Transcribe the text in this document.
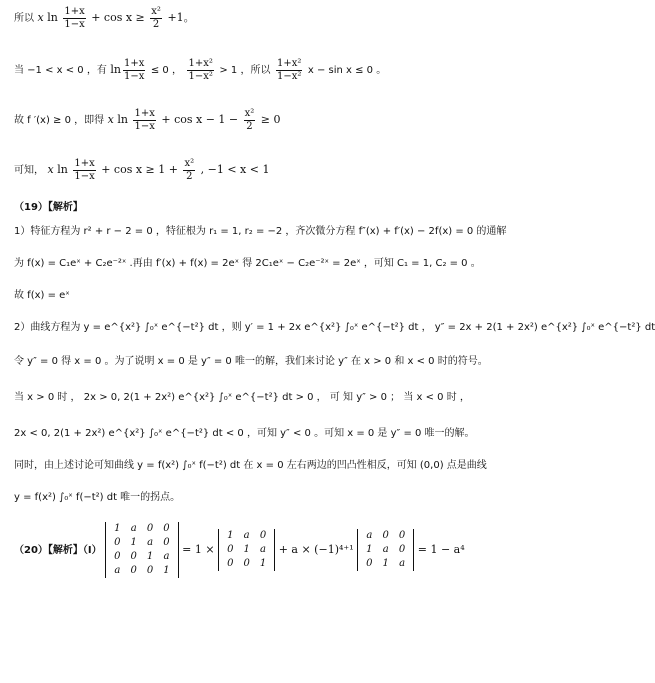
所以 x $\ln \frac{1+x}{1-x} + \cos x \ge \frac{\text{x²}}{2} +1$。
当 −1 < x < 0 ，有 $\ln \frac{1+x}{1-x} \le 0$ ， $\frac{\text{1+x²}}{\text{1−x²}} > 1$ ，所以 $\frac{\text{1+x²}}{\text{1−x²}}$ x − sin x ≤ 0 。
故 f ′(x) ≥ 0 ，即得 x $\ln \frac{1+x}{1-x} + \cos x - 1 - \frac{\text{x²}}{2} \ge 0$
可知， x $\ln \frac{1+x}{1-x} + \cos x \ge 1 + \frac{\text{x²}}{2}$ , −1 < x < 1
（19）【解析】
1）特征方程为 r² + r − 2 = 0 ，特征根为 r₁ = 1, r₂ = −2 ，齐次微分方程 f″(x) + f′(x) − 2f(x) = 0 的通解
为 f(x) = C₁eˣ + C₂e⁻²ˣ .再由 f′(x) + f(x) = 2eˣ 得 2C₁eˣ − C₂e⁻²ˣ = 2eˣ ，可知 C₁ = 1, C₂ = 0 。
故 f(x) = eˣ
2）曲线方程为 y = e^{x²} ∫₀ˣ e^{−t²} dt ，则 y′ = 1 + 2x e^{x²} ∫₀ˣ e^{−t²} dt ， y″ = 2x + 2(1 + 2x²) e^{x²} ∫₀ˣ e^{−t²} dt
令 y″ = 0 得 x = 0 。为了说明 x = 0 是 y″ = 0 唯一的解，我们来讨论 y″ 在 x > 0 和 x < 0 时的符号。
当 x > 0 时 ， 2x > 0, 2(1 + 2x²) e^{x²} ∫₀ˣ e^{−t²} dt > 0 ， 可 知 y″ > 0 ； 当 x < 0 时 ，
2x < 0, 2(1 + 2x²) e^{x²} ∫₀ˣ e^{−t²} dt < 0 ，可知 y″ < 0 。可知 x = 0 是 y″ = 0 唯一的解。
同时，由上述讨论可知曲线 y = f(x²) ∫₀ˣ f(−t²) dt 在 x = 0 左右两边的凹凸性相反，可知 (0,0) 点是曲线
y = f(x²) ∫₀ˣ f(−t²) dt 唯一的拐点。
（20）【解析】（Ⅰ）
1	a	0	0
0	1	a	0
0	0	1	a
a	0	0	1
= 1 ×
1	a	0
0	1	a
0	0	1
+ a × (−1)⁴⁺¹
a	0	0
1	a	0
0	1	a
= 1 − a⁴
